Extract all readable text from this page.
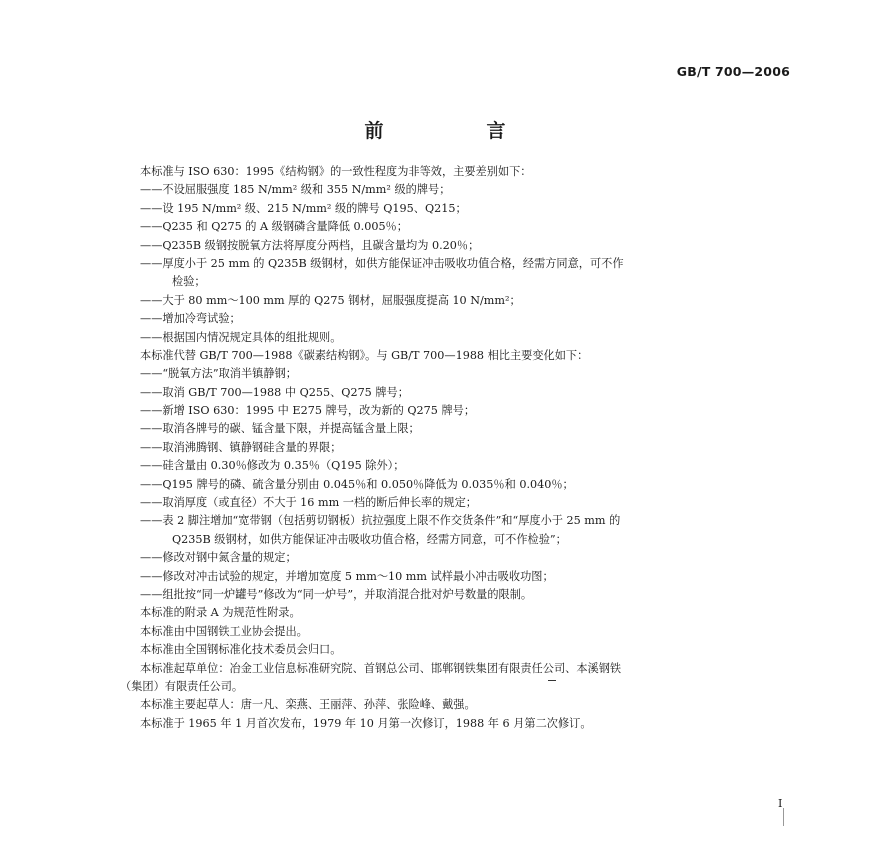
GB/T 700—2006
前　言
本标准与 ISO 630：1995《结构钢》的一致性程度为非等效，主要差别如下：
——不设屈服强度 185 N/mm² 级和 355 N/mm² 级的牌号；
——设 195 N/mm² 级、215 N/mm² 级的牌号 Q195、Q215；
——Q235 和 Q275 的 A 级钢磷含量降低 0.005％；
——Q235B 级钢按脱氧方法将厚度分两档，且碳含量均为 0.20％；
——厚度小于 25 mm 的 Q235B 级钢材，如供方能保证冲击吸收功值合格，经需方同意，可不作
检验；
——大于 80 mm～100 mm 厚的 Q275 钢材，屈服强度提高 10 N/mm²；
——增加冷弯试验；
——根据国内情况规定具体的组批规则。
本标准代替 GB/T 700—1988《碳素结构钢》。与 GB/T 700—1988 相比主要变化如下：
——“脱氧方法”取消半镇静钢；
——取消 GB/T 700—1988 中 Q255、Q275 牌号；
——新增 ISO 630：1995 中 E275 牌号，改为新的 Q275 牌号；
——取消各牌号的碳、锰含量下限，并提高锰含量上限；
——取消沸腾钢、镇静钢硅含量的界限；
——硅含量由 0.30％修改为 0.35％（Q195 除外）；
——Q195 牌号的磷、硫含量分别由 0.045％和 0.050％降低为 0.035％和 0.040％；
——取消厚度（或直径）不大于 16 mm 一档的断后伸长率的规定；
——表 2 脚注增加“宽带钢（包括剪切钢板）抗拉强度上限不作交货条件”和“厚度小于 25 mm 的
Q235B 级钢材，如供方能保证冲击吸收功值合格，经需方同意，可不作检验”；
——修改对钢中氮含量的规定；
——修改对冲击试验的规定，并增加宽度 5 mm～10 mm 试样最小冲击吸收功图；
——组批按“同一炉罐号”修改为“同一炉号”，并取消混合批对炉号数量的限制。
本标准的附录 A 为规范性附录。
本标准由中国钢铁工业协会提出。
本标准由全国钢标准化技术委员会归口。
本标准起草单位：冶金工业信息标准研究院、首钢总公司、邯郸钢铁集团有限责任公司、本溪钢铁
（集团）有限责任公司。
本标准主要起草人：唐一凡、栾燕、王丽萍、孙萍、张险峰、戴强。
本标准于 1965 年 1 月首次发布，1979 年 10 月第一次修订，1988 年 6 月第二次修订。
I
